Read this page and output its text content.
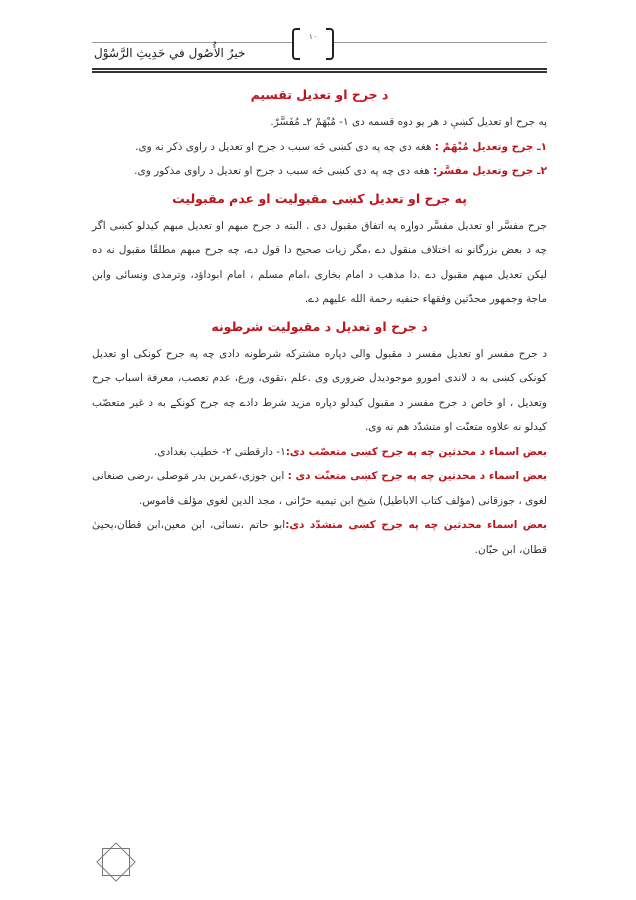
١٠
خيرُ الأُصُول في حَدِيثِ الرَّسُوْل
د جرح او تعدیل تقسیم

په جرح او تعدیل کښې د هر يو دوه قسمه دی ١- مُبْهَمْ ٢ـ مُفَسَّرْ.

١ـ جرح وتعديل مُبْهَمْ : هغه دی چه په دی کښی څه سبب د جرح او تعدیل د راوی ذکر نه وی.

٢ـ جرح وتعديل مفسَّر: هغه دی چه په دی کښی څه سبب د جرح او تعدیل د راوی مذکور وی.

په جرح او تعدیل کښی مقبولیت او عدم مقبولیت

جرح مفسَّر او تعدیل مفسَّر دواړه په اتفاق مقبول دی . البته د جرح مبهم او تعدیل مبهم کیدلو کښی اگر چه د بعض بزرگانو نه اختلاف منقول دے ،مگر زیات صحیح دا قول دے، چه جرح مبهم مطلقًا مقبول نه ده لیکن تعدیل مبهم مقبول دے .دا مذهب د امام بخاری ،امام مسلم ، امام ابوداؤد، وترمذی ونسائی وابن ماجة وجمهور محدّثین وفقهاء حنفیه رحمة الله علیهم دے.

د جرح او تعدیل د مقبولیت شرطونه

د جرح مفسر او تعدیل مفسر د مقبول والی دپاره مشترکه شرطونه دادی چه په جرح کونکی او تعدیل کونکی کښی به د لاندی امورو موجودیدل ضروری وی .علم ،تقوی، ورع، عدم تعصب، معرفة اسباب جرح وتعدیل ، او خاص د جرح مفسر د مقبول کیدلو دپاره مزید شرط دادے چه جرح کونکے به د غیر متعصّب کیدلو نه علاوه متعنّت او متشدّد هم نه وی.

بعض اسماء د محدثین چه په جرح کښی متعصّب دی:١- دارقطنی ٢- خطیب بغدادی.

بعض اسماء د محدثین چه په جرح کښی متعنّت دی : ابن جوزی،عمربن بدر مَوصلی ،رضی صنعانی لغوی ، جوزقانی (مؤلف کتاب الاباطیل) شیخ ابن تیمیه حرّانی ، مجد الدین لغوی مؤلف قاموس.

بعض اسماء محدثین چه په جرح کښی متشدّد دی:ابو حاتم ،نسائی، ابن معین،ابن قطان،یحییٰ قطان، ابن حبّان.
